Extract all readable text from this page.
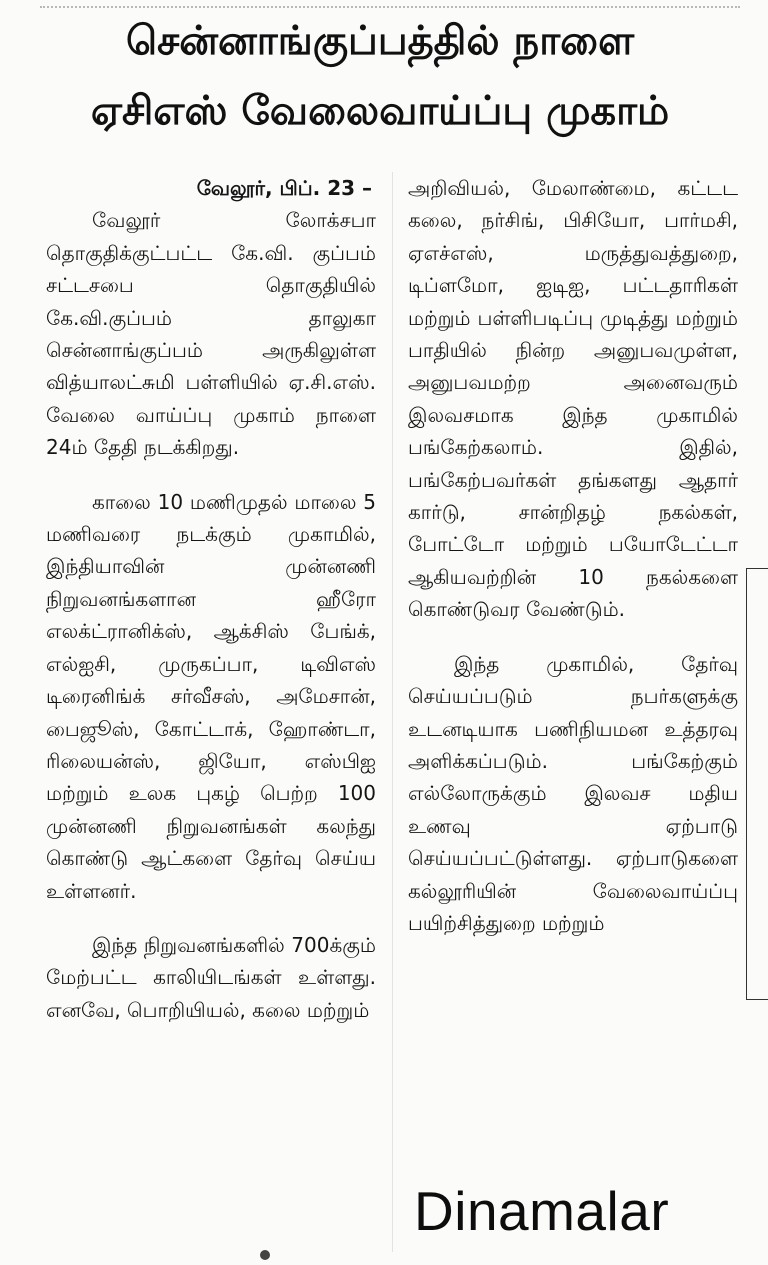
சென்னாங்குப்பத்தில் நாளை
ஏசிஎஸ் வேலைவாய்ப்பு முகாம்
வேலூர், பிப். 23 –

வேலூர் லோக்சபா தொகுதிக்குட்பட்ட கே.வி. குப்பம் சட்டசபை தொகுதியில் கே.வி.குப்பம் தாலுகா சென்னாங்குப்பம் அருகிலுள்ள வித்யாலட்சுமி பள்ளியில் ஏ.சி.எஸ். வேலை வாய்ப்பு முகாம் நாளை 24ம் தேதி நடக்கிறது.

காலை 10 மணிமுதல் மாலை 5 மணிவரை நடக்கும் முகாமில், இந்தியாவின் முன்னணி நிறுவனங்களான ஹீரோ எலக்ட்ரானிக்ஸ், ஆக்சிஸ் பேங்க், எல்ஐசி, முருகப்பா, டிவிஎஸ் டிரைனிங்க் சர்வீசஸ், அமேசான், பைஜூஸ், கோட்டாக், ஹோண்டா, ரிலையன்ஸ், ஜியோ, எஸ்பிஐ மற்றும் உலக புகழ் பெற்ற 100 முன்னணி நிறுவனங்கள் கலந்து கொண்டு ஆட்களை தேர்வு செய்ய உள்ளனர்.

இந்த நிறுவனங்களில் 700க்கும் மேற்பட்ட காலியிடங்கள் உள்ளது. எனவே, பொறியியல், கலை மற்றும்

அறிவியல், மேலாண்மை, கட்டட கலை, நர்சிங், பிசியோ, பார்மசி, ஏஎச்எஸ், மருத்துவத்துறை, டிப்ளமோ, ஐடிஐ, பட்டதாரிகள் மற்றும் பள்ளிபடிப்பு முடித்து மற்றும் பாதியில் நின்ற அனுபவமுள்ள, அனுபவமற்ற அனைவரும் இலவசமாக இந்த முகாமில் பங்கேற்கலாம். இதில், பங்கேற்பவர்கள் தங்களது ஆதார் கார்டு, சான்றிதழ் நகல்கள், போட்டோ மற்றும் பயோடேட்டா ஆகியவற்றின் 10 நகல்களை கொண்டுவர வேண்டும்.

இந்த முகாமில், தேர்வு செய்யப்படும் நபர்களுக்கு உடனடியாக பணிநியமன உத்தரவு அளிக்கப்படும். பங்கேற்கும் எல்லோருக்கும் இலவச மதிய உணவு ஏற்பாடு செய்யப்பட்டுள்ளது. ஏற்பாடுகளை கல்லூரியின் வேலைவாய்ப்பு பயிற்சித்துறை மற்றும்

Dinamalar
